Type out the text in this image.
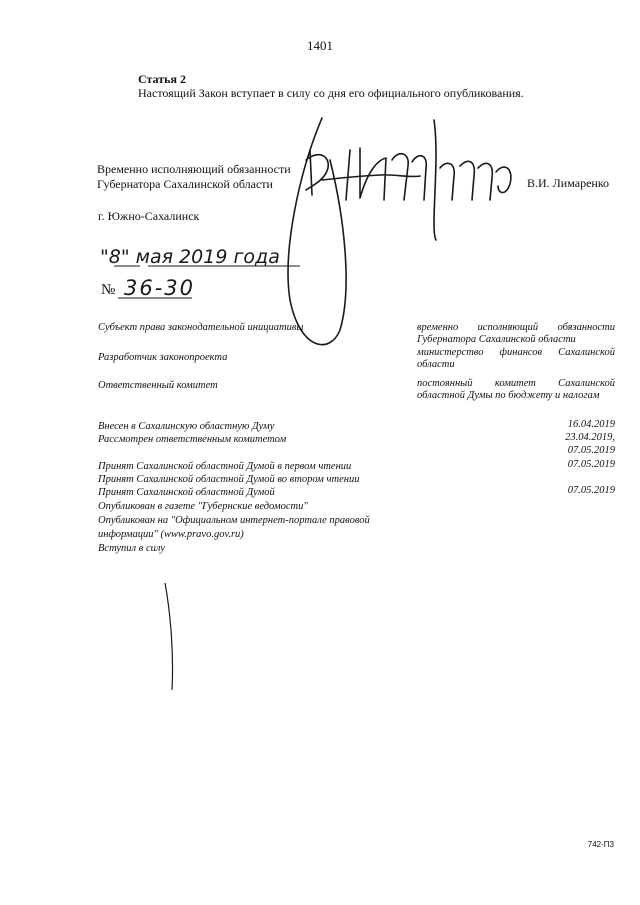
1401
Статья 2
Настоящий Закон вступает в силу со дня его официального опубликования.
Временно исполняющий обязанности
Губернатора Сахалинской области	В.И. Лимаренко
г. Южно-Сахалинск
"8" мая 2019 года
№ 36-30
Субъект права законодательной инициативы	временно исполняющий обязанности Губернатора Сахалинской области
Разработчик законопроекта	министерство финансов Сахалинской области
Ответственный комитет	постоянный комитет Сахалинской областной Думы по бюджету и налогам
Внесен в Сахалинскую областную Думу	16.04.2019
Рассмотрен ответственным комитетом	23.04.2019,
07.05.2019
Принят Сахалинской областной Думой в первом чтении	07.05.2019
Принят Сахалинской областной Думой во втором чтении
Принят Сахалинской областной Думой	07.05.2019
Опубликован в газете "Губернские ведомости"
Опубликован на "Официальном интернет-портале правовой
информации" (www.pravo.gov.ru)
Вступил в силу
742-П3
